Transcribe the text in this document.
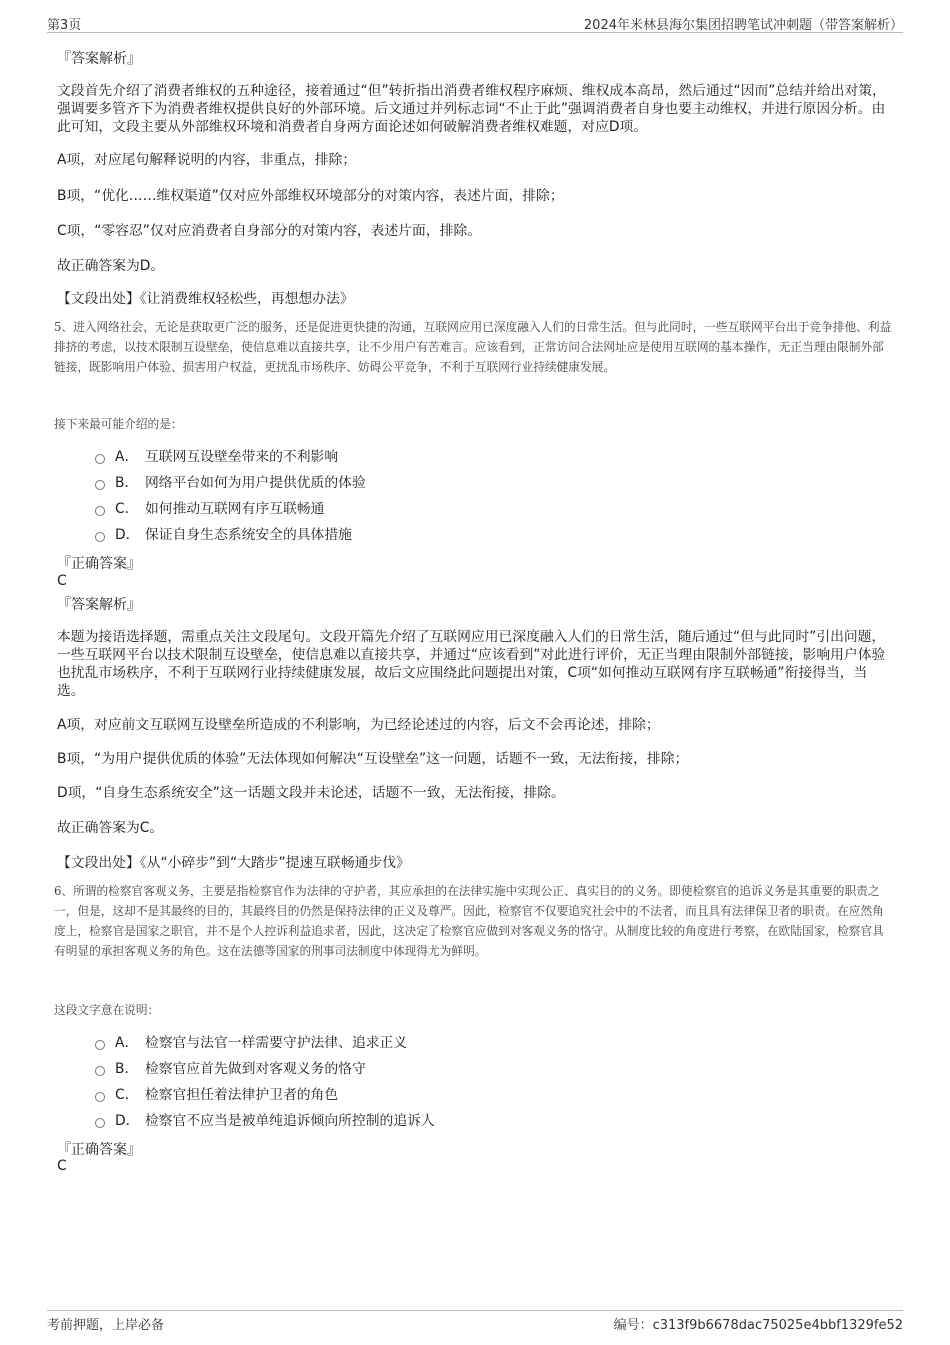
第3页	2024年米林县海尔集团招聘笔试冲刺题（带答案解析）
『答案解析』

文段首先介绍了消费者维权的五种途径，接着通过“但”转折指出消费者维权程序麻烦、维权成本高昂，然后通过“因而”总结并给出对策，强调要多管齐下为消费者维权提供良好的外部环境。后文通过并列标志词“不止于此”强调消费者自身也要主动维权，并进行原因分析。由此可知，文段主要从外部维权环境和消费者自身两方面论述如何破解消费者维权难题，对应D项。

A项，对应尾句解释说明的内容，非重点，排除；

B项，“优化……维权渠道”仅对应外部维权环境部分的对策内容，表述片面，排除；

C项，“零容忍”仅对应消费者自身部分的对策内容，表述片面，排除。

故正确答案为D。

【文段出处】《让消费维权轻松些，再想想办法》

5、进入网络社会，无论是获取更广泛的服务，还是促进更快捷的沟通，互联网应用已深度融入人们的日常生活。但与此同时，一些互联网平台出于竞争排他、利益排挤的考虑，以技术限制互设壁垒，使信息难以直接共享，让不少用户有苦难言。应该看到，正常访问合法网址应是使用互联网的基本操作，无正当理由限制外部链接，既影响用户体验、损害用户权益，更扰乱市场秩序、妨碍公平竞争，不利于互联网行业持续健康发展。

接下来最可能介绍的是：

A． 互联网互设壁垒带来的不利影响
B． 网络平台如何为用户提供优质的体验
C． 如何推动互联网有序互联畅通
D． 保证自身生态系统安全的具体措施
『正确答案』
C
『答案解析』

本题为接语选择题，需重点关注文段尾句。文段开篇先介绍了互联网应用已深度融入人们的日常生活，随后通过“但与此同时”引出问题，一些互联网平台以技术限制互设壁垒，使信息难以直接共享，并通过“应该看到”对此进行评价，无正当理由限制外部链接，影响用户体验也扰乱市场秩序，不利于互联网行业持续健康发展，故后文应围绕此问题提出对策，C项“如何推动互联网有序互联畅通”衔接得当，当选。

A项，对应前文互联网互设壁垒所造成的不利影响，为已经论述过的内容，后文不会再论述，排除；

B项，“为用户提供优质的体验”无法体现如何解决“互设壁垒”这一问题，话题不一致，无法衔接，排除；

D项，“自身生态系统安全”这一话题文段并未论述，话题不一致，无法衔接，排除。

故正确答案为C。

【文段出处】《从“小碎步”到“大踏步”提速互联畅通步伐》

6、所谓的检察官客观义务，主要是指检察官作为法律的守护者，其应承担的在法律实施中实现公正、真实目的的义务。即使检察官的追诉义务是其重要的职责之一，但是，这却不是其最终的目的，其最终目的仍然是保持法律的正义及尊严。因此，检察官不仅要追究社会中的不法者，而且具有法律保卫者的职责。在应然角度上，检察官是国家之职官，并不是个人控诉利益追求者，因此，这决定了检察官应做到对客观义务的恪守。从制度比较的角度进行考察，在欧陆国家，检察官具有明显的承担客观义务的角色。这在法德等国家的刑事司法制度中体现得尤为鲜明。

这段文字意在说明：

A． 检察官与法官一样需要守护法律、追求正义
B． 检察官应首先做到对客观义务的恪守
C． 检察官担任着法律护卫者的角色
D． 检察官不应当是被单纯追诉倾向所控制的追诉人
『正确答案』
C
考前押题，上岸必备	编号：c313f9b6678dac75025e4bbf1329fe52
